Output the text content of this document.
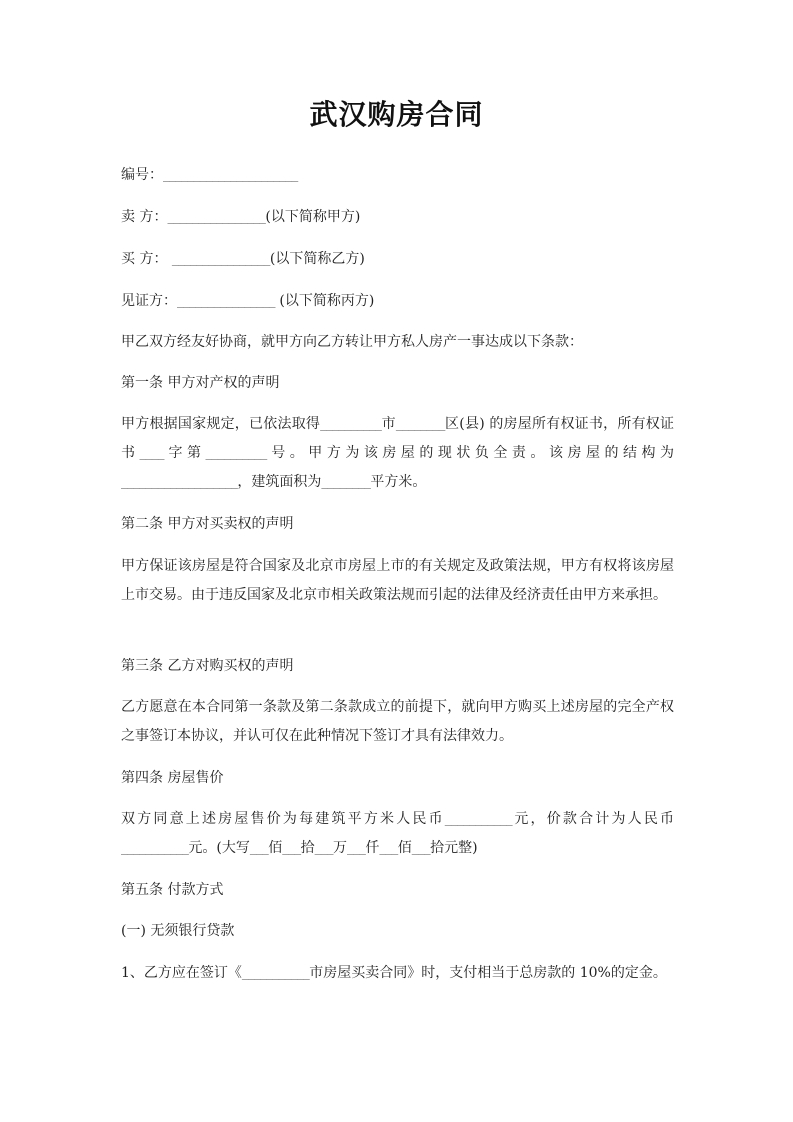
武汉购房合同
编号：______________________
卖 方：________________(以下简称甲方)
买 方： ________________(以下简称乙方)
见证方：________________ (以下简称丙方)
甲乙双方经友好协商，就甲方向乙方转让甲方私人房产一事达成以下条款：
第一条 甲方对产权的声明
甲方根据国家规定，已依法取得__________市________区(县) 的房屋所有权证书，所有权证书____字第__________号。甲方为该房屋的现状负全责。该房屋的结构为 ___________________，建筑面积为________平方米。
第二条 甲方对买卖权的声明
甲方保证该房屋是符合国家及北京市房屋上市的有关规定及政策法规，甲方有权将该房屋上市交易。由于违反国家及北京市相关政策法规而引起的法律及经济责任由甲方来承担。
第三条 乙方对购买权的声明
乙方愿意在本合同第一条款及第二条款成立的前提下，就向甲方购买上述房屋的完全产权之事签订本协议，并认可仅在此种情况下签订才具有法律效力。
第四条 房屋售价
双方同意上述房屋售价为每建筑平方米人民币___________元，价款合计为人民币___________元。(大写___佰___拾___万___仟___佰___拾元整)
第五条 付款方式
(一) 无须银行贷款
1、乙方应在签订《___________市房屋买卖合同》时，支付相当于总房款的 10%的定金。
